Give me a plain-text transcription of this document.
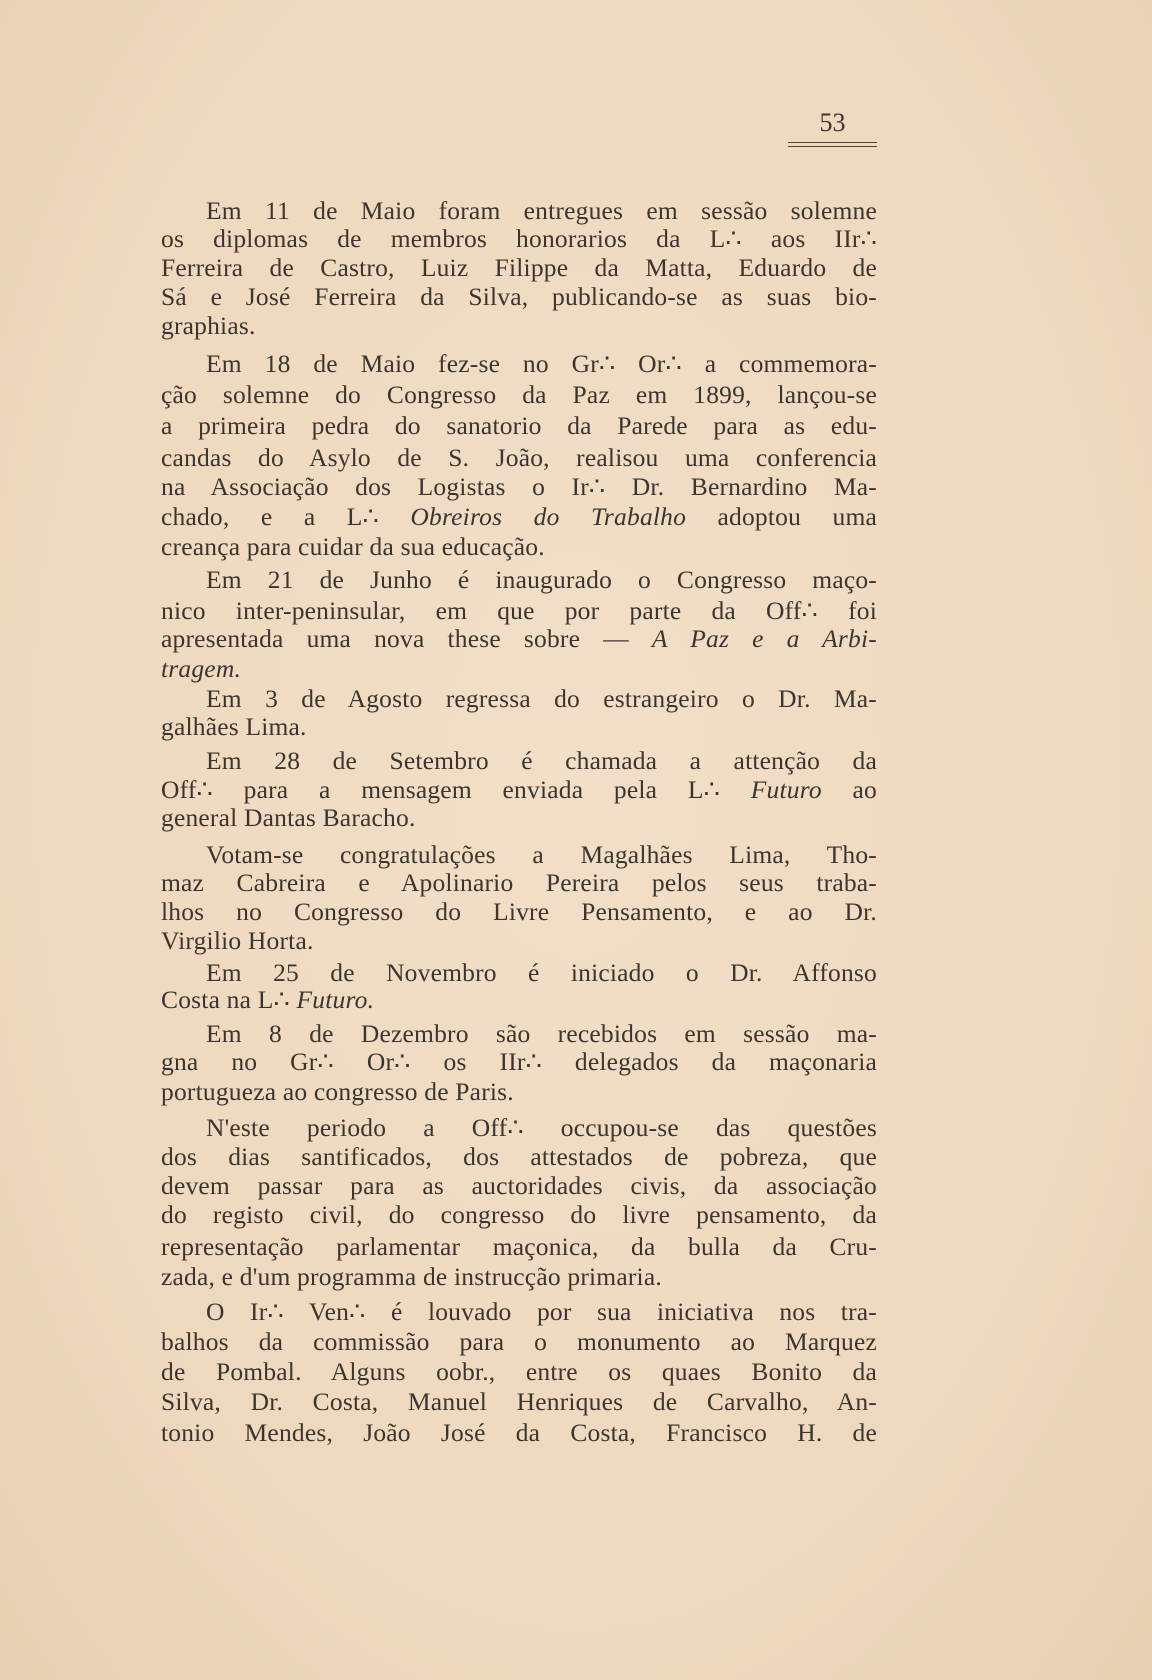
53
Em 11 de Maio foram entregues em sessão solemne
os diplomas de membros honorarios da L∴ aos IIr∴
Ferreira de Castro, Luiz Filippe da Matta, Eduardo de
Sá e José Ferreira da Silva, publicando-se as suas bio-
graphias.
Em 18 de Maio fez-se no Gr∴ Or∴ a commemora-
ção solemne do Congresso da Paz em 1899, lançou-se
a primeira pedra do sanatorio da Parede para as edu-
candas do Asylo de S. João, realisou uma conferencia
na Associação dos Logistas o Ir∴ Dr. Bernardino Ma-
chado, e a L∴ Obreiros do Trabalho adoptou uma
creança para cuidar da sua educação.
Em 21 de Junho é inaugurado o Congresso maço-
nico inter-peninsular, em que por parte da Off∴ foi
apresentada uma nova these sobre — A Paz e a Arbi-
tragem.
Em 3 de Agosto regressa do estrangeiro o Dr. Ma-
galhães Lima.
Em 28 de Setembro é chamada a attenção da
Off∴ para a mensagem enviada pela L∴ Futuro ao
general Dantas Baracho.
Votam-se congratulações a Magalhães Lima, Tho-
maz Cabreira e Apolinario Pereira pelos seus traba-
lhos no Congresso do Livre Pensamento, e ao Dr.
Virgilio Horta.
Em 25 de Novembro é iniciado o Dr. Affonso
Costa na L∴ Futuro.
Em 8 de Dezembro são recebidos em sessão ma-
gna no Gr∴ Or∴ os IIr∴ delegados da maçonaria
portugueza ao congresso de Paris.
N'este periodo a Off∴ occupou-se das questões
dos dias santificados, dos attestados de pobreza, que
devem passar para as auctoridades civis, da associação
do registo civil, do congresso do livre pensamento, da
representação parlamentar maçonica, da bulla da Cru-
zada, e d'um programma de instrucção primaria.
O Ir∴ Ven∴ é louvado por sua iniciativa nos tra-
balhos da commissão para o monumento ao Marquez
de Pombal. Alguns oobr., entre os quaes Bonito da
Silva, Dr. Costa, Manuel Henriques de Carvalho, An-
tonio Mendes, João José da Costa, Francisco H. de
